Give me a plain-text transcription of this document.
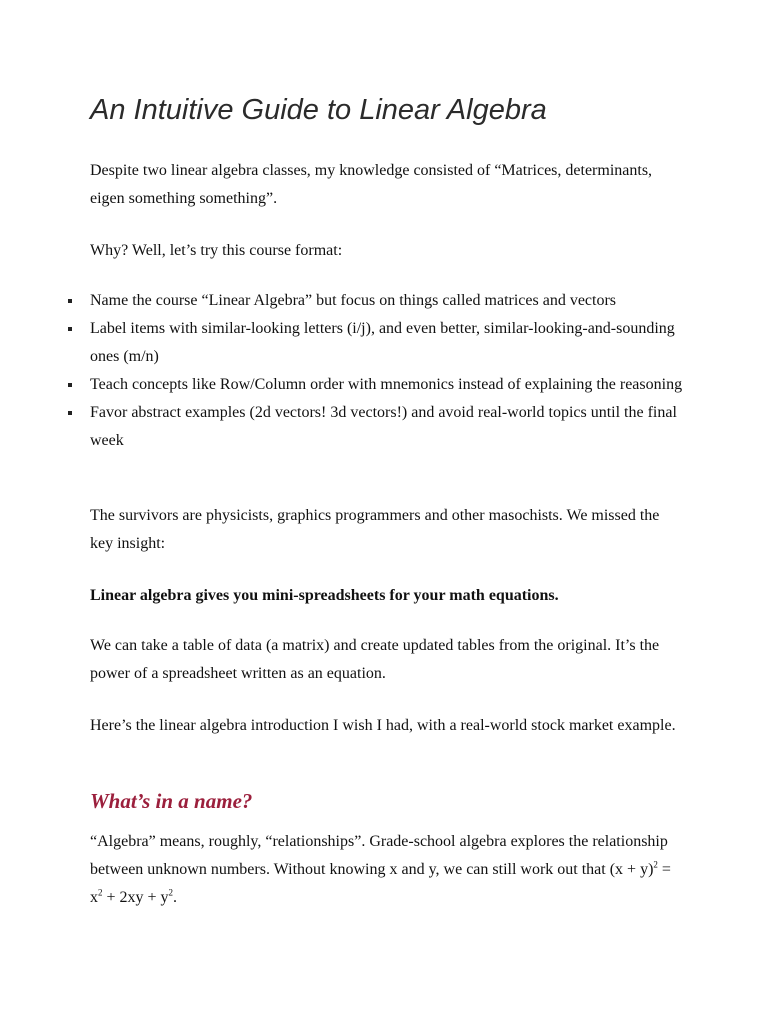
An Intuitive Guide to Linear Algebra

Despite two linear algebra classes, my knowledge consisted of “Matrices, determinants, eigen something something”.

Why? Well, let’s try this course format:

Name the course “Linear Algebra” but focus on things called matrices and vectors
Label items with similar-looking letters (i/j), and even better, similar-looking-and-sounding ones (m/n)
Teach concepts like Row/Column order with mnemonics instead of explaining the reasoning
Favor abstract examples (2d vectors! 3d vectors!) and avoid real-world topics until the final week

The survivors are physicists, graphics programmers and other masochists. We missed the key insight:

Linear algebra gives you mini-spreadsheets for your math equations.

We can take a table of data (a matrix) and create updated tables from the original. It’s the power of a spreadsheet written as an equation.

Here’s the linear algebra introduction I wish I had, with a real-world stock market example.

What’s in a name?

“Algebra” means, roughly, “relationships”. Grade-school algebra explores the relationship between unknown numbers. Without knowing x and y, we can still work out that $(x + y)^2 = x^2 + 2xy + y^2$.
